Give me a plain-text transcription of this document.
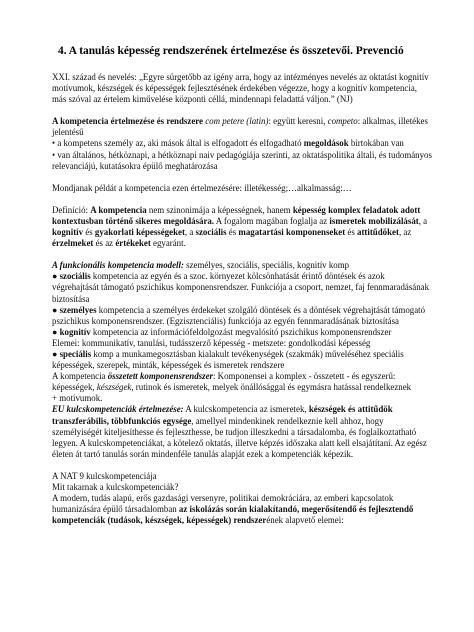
4. A tanulás képesség rendszerének értelmezése és összetevői. Prevenció

XXI. század és nevelés: „Egyre sürgetőbb az igény arra, hogy az intézményes nevelés az oktatást kognitív motívumok, készségek és képességek fejlesztésének érdekében végezze, hogy a kognitív kompetencia, más szóval az értelem kiművelése központi céllá, mindennapi feladattá váljon.” (NJ)

A kompetencia értelmezése és rendszere com petere (latin): együtt keresni, competo: alkalmas, illetékes jelentésű

• a kompetens személy az, aki mások által is elfogadott és elfogadható megoldások birtokában van

• van általános, hétköznapi, a hétköznapi naiv pedagógiája szerinti, az oktatáspolitika általi, és tudományos relevanciájú, kutatásokra épülő meghatározása

Mondjanak példát a kompetencia ezen értelmezésére: illetékesség;…alkalmasság:…

Definíció: A kompetencia nem szinonimája a képességnek, hanem képesség komplex feladatok adott kontextusban történő sikeres megoldására. A fogalom magában foglalja az ismeretek mobilizálását, a kognitív és gyakorlati képességeket, a szociális és magatartási komponenseket és attitűdöket, az érzelmeket és az értékeket egyaránt.

A funkcionális kompetencia modell: személyes, szociális, speciális, kognitív komp

● szociális kompetencia az egyén és a szoc. környezet kölcsönhatását érintő döntések és azok végrehajtását támogató pszichikus komponensrendszer. Funkciója a csoport, nemzet, faj fennmaradásának biztosítása

● személyes kompetencia a személyes érdekeket szolgáló döntések és a döntések végrehajtását támogató pszichikus komponensrendszer. (Egzisztenciális) funkciója az egyén fennmaradásának biztosítása

● kognitív kompetencia az információfeldolgozást megvalósító pszichikus komponensrendszer

Elemei: kommunikatív, tanulási, tudásszerző képesség - metszete: gondolkodási képesség

● speciális komp a munkamegosztásban kialakult tevékenységek (szakmák) műveléséhez speciális képességek, szerepek, minták, képességek és ismeretek rendszere

A kompetencia összetett komponensrendszer: Komponensei a komplex - összetett - és egyszerű: képességek, készségek, rutinok és ismeretek, melyek önállósággal és egymásra hatással rendelkeznek

+ motívumok.

EU kulcskompetenciák értelmezése: A kulcskompetencia az ismeretek, készségek és attitűdök transzferábilis, többfunkciós egysége, amellyel mindenkinek rendelkeznie kell ahhoz, hogy személyiségét kiteljesíthesse és fejleszthesse, be tudjon illeszkedni a társadalomba, és foglalkoztatható legyen. A kulcskompetenciákat, a kötelező oktatás, illetve képzés időszaka alatt kell elsajátítani. Az egész életen át tartó tanulás során mindenféle tanulás alapját ezek a kompetenciák képezik.

A NAT 9 kulcskompetenciája

Mit takarnak a kulcskompetenciák?

A modern, tudás alapú, erős gazdasági versenyre, politikai demokráciára, az emberi kapcsolatok humanizására épülő társadalomban az iskolázás során kialakítandó, megerősítendő és fejlesztendő kompetenciák (tudások, készségek, képességek) rendszerének alapvető elemei:
